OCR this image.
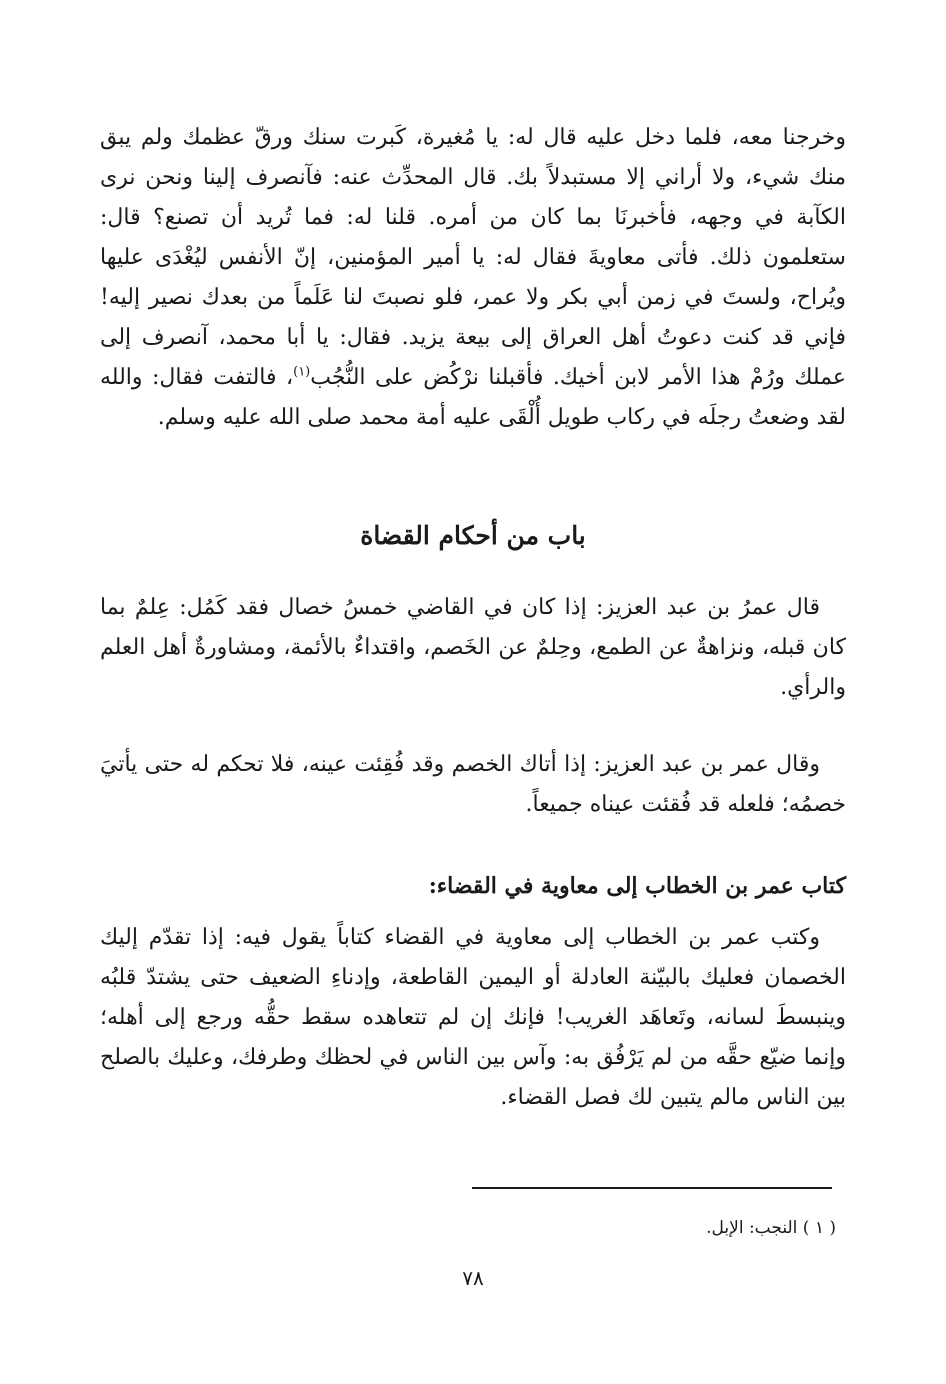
وخرجنا معه، فلما دخل عليه قال له: يا مُغيرة، كَبرت سنك ورقّ عظمك ولم يبق منك شيء، ولا أراني إلا مستبدلاً بك. قال المحدِّث عنه: فآنصرف إلينا ونحن نرى الكآبة في وجهه، فأخبرنَا بما كان من أمره. قلنا له: فما تُريد أن تصنع؟ قال: ستعلمون ذلك. فأتى معاويةَ فقال له: يا أمير المؤمنين، إنّ الأنفس ليُغْدَى عليها ويُراح، ولستَ في زمن أبي بكر ولا عمر، فلو نصبتَ لنا عَلَماً من بعدك نصير إليه! فإني قد كنت دعوتُ أهل العراق إلى بيعة يزيد. فقال: يا أبا محمد، آنصرف إلى عملك ورُمْ هذا الأمر لابن أخيك. فأقبلنا نرْكُض على النُّجُب$^{(١)}$، فالتفت فقال: والله لقد وضعتُ رجلَه في ركاب طويل أُلْقَى عليه أمة محمد صلى الله عليه وسلم.

باب من أحكام القضاة

قال عمرُ بن عبد العزيز: إذا كان في القاضي خمسُ خصال فقد كَمُل: عِلمٌ بما كان قبله، ونزاهةٌ عن الطمع، وحِلمٌ عن الخَصم، واقتداءٌ بالأئمة، ومشاورةٌ أهل العلم والرأي.

وقال عمر بن عبد العزيز: إذا أتاك الخصم وقد فُقِئت عينه، فلا تحكم له حتى يأتيَ خصمُه؛ فلعله قد فُقئت عيناه جميعاً.

كتاب عمر بن الخطاب إلى معاوية في القضاء:

وكتب عمر بن الخطاب إلى معاوية في القضاء كتاباً يقول فيه: إذا تقدّم إليك الخصمان فعليك بالبيّنة العادلة أو اليمين القاطعة، وإدناءِ الضعيف حتى يشتدّ قلبُه وينبسطَ لسانه، وتَعاهَد الغريب! فإنك إن لم تتعاهده سقط حقُّه ورجع إلى أهله؛ وإنما ضيّع حقَّه من لم يَرْفُق به: وآس بين الناس في لحظك وطرفك، وعليك بالصلح بين الناس مالم يتبين لك فصل القضاء.

( ١ ) النجب: الإبل.

٧٨
